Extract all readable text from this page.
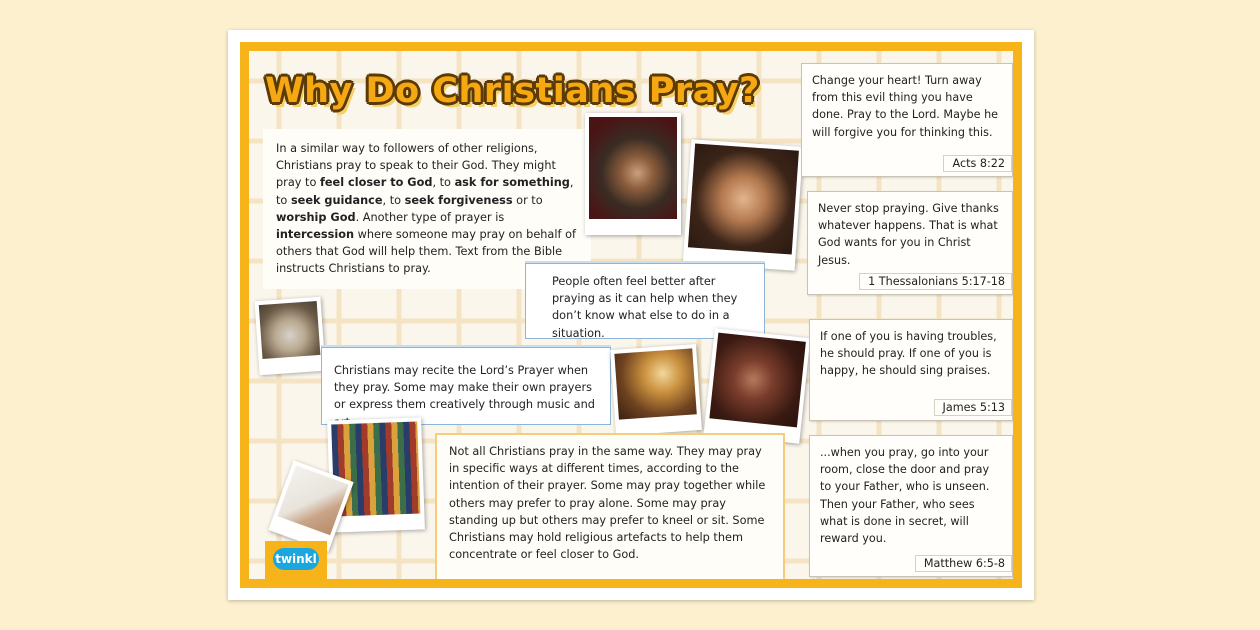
Why Do Christians Pray?

In a similar way to followers of other religions, Christians pray to speak to their God. They might pray to feel closer to God, to ask for something, to seek guidance, to seek forgiveness or to worship God. Another type of prayer is intercession where someone may pray on behalf of others that God will help them. Text from the Bible instructs Christians to pray.

People often feel better after praying as it can help when they don’t know what else to do in a situation.

Christians may recite the Lord’s Prayer when they pray. Some may make their own prayers or express them creatively through music and

Not all Christians pray in the same way. They may pray in specific ways at different times, according to the intention of their prayer. Some may pray together while others may prefer to pray alone. Some may pray standing up but others may prefer to kneel or sit. Some Christians may hold religious artefacts to help them concentrate or feel closer to God.

Change your heart! Turn away from this evil thing you have done. Pray to the Lord. Maybe he will forgive you for thinking this.

Acts 8:22

Never stop praying. Give thanks whatever happens. That is what God wants for you in Christ Jesus.

1 Thessalonians 5:17-18

If one of you is having troubles, he should pray. If one of you is happy, he should sing praises.

James 5:13

...when you pray, go into your room, close the door and pray to your Father, who is unseen. Then your Father, who sees what is done in secret, will reward you.

Matthew 6:5-8
twinkl
